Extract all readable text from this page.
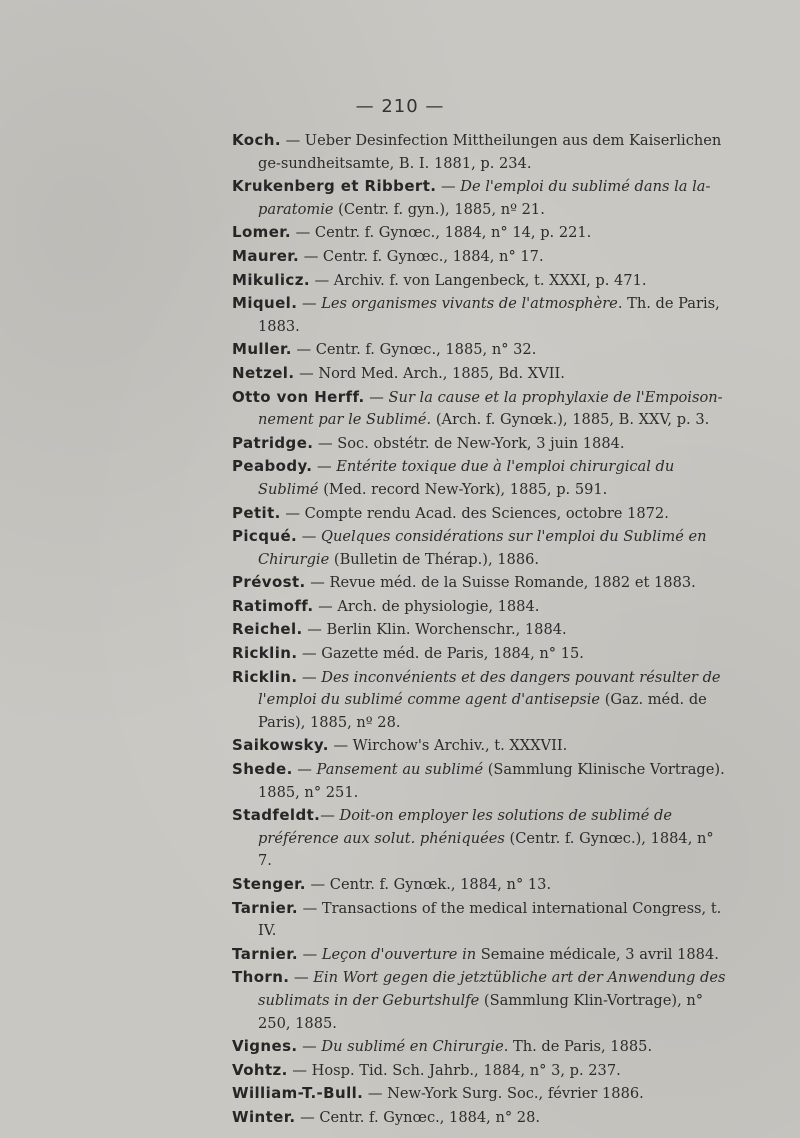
— 210 —
Koch. — Ueber Desinfection Mittheilungen aus dem Kaiserlichen ge-sundheitsamte, B. I. 1881, p. 234.
Krukenberg et Ribbert. — De l'emploi du sublimé dans la la-paratomie (Centr. f. gyn.), 1885, nº 21.
Lomer. — Centr. f. Gynœc., 1884, n° 14, p. 221.
Maurer. — Centr. f. Gynœc., 1884, n° 17.
Mikulicz. — Archiv. f. von Langenbeck, t. XXXI, p. 471.
Miquel. — Les organismes vivants de l'atmosphère. Th. de Paris, 1883.
Muller. — Centr. f. Gynœc., 1885, n° 32.
Netzel. — Nord Med. Arch., 1885, Bd. XVII.
Otto von Herff. — Sur la cause et la prophylaxie de l'Empoison-nement par le Sublimé. (Arch. f. Gynœk.), 1885, B. XXV, p. 3.
Patridge. — Soc. obstétr. de New-York, 3 juin 1884.
Peabody. — Entérite toxique due à l'emploi chirurgical du Sublimé (Med. record New-York), 1885, p. 591.
Petit. — Compte rendu Acad. des Sciences, octobre 1872.
Picqué. — Quelques considérations sur l'emploi du Sublimé en Chirurgie (Bulletin de Thérap.), 1886.
Prévost. — Revue méd. de la Suisse Romande, 1882 et 1883.
Ratimoff. — Arch. de physiologie, 1884.
Reichel. — Berlin Klin. Worchenschr., 1884.
Ricklin. — Gazette méd. de Paris, 1884, n° 15.
Ricklin. — Des inconvénients et des dangers pouvant résulter de l'emploi du sublimé comme agent d'antisepsie (Gaz. méd. de Paris), 1885, nº 28.
Saikowsky. — Wirchow's Archiv., t. XXXVII.
Shede. — Pansement au sublimé (Sammlung Klinische Vortrage). 1885, n° 251.
Stadfeldt.— Doit-on employer les solutions de sublimé de préférence aux solut. phéniquées (Centr. f. Gynœc.), 1884, n° 7.
Stenger. — Centr. f. Gynœk., 1884, n° 13.
Tarnier. — Transactions of the medical international Congress, t. IV.
Tarnier. — Leçon d'ouverture in Semaine médicale, 3 avril 1884.
Thorn. — Ein Wort gegen die jetztübliche art der Anwendung des sublimats in der Geburtshulfe (Sammlung Klin-Vortrage), n° 250, 1885.
Vignes. — Du sublimé en Chirurgie. Th. de Paris, 1885.
Vohtz. — Hosp. Tid. Sch. Jahrb., 1884, n° 3, p. 237.
William-T.-Bull. — New-York Surg. Soc., février 1886.
Winter. — Centr. f. Gynœc., 1884, n° 28.
